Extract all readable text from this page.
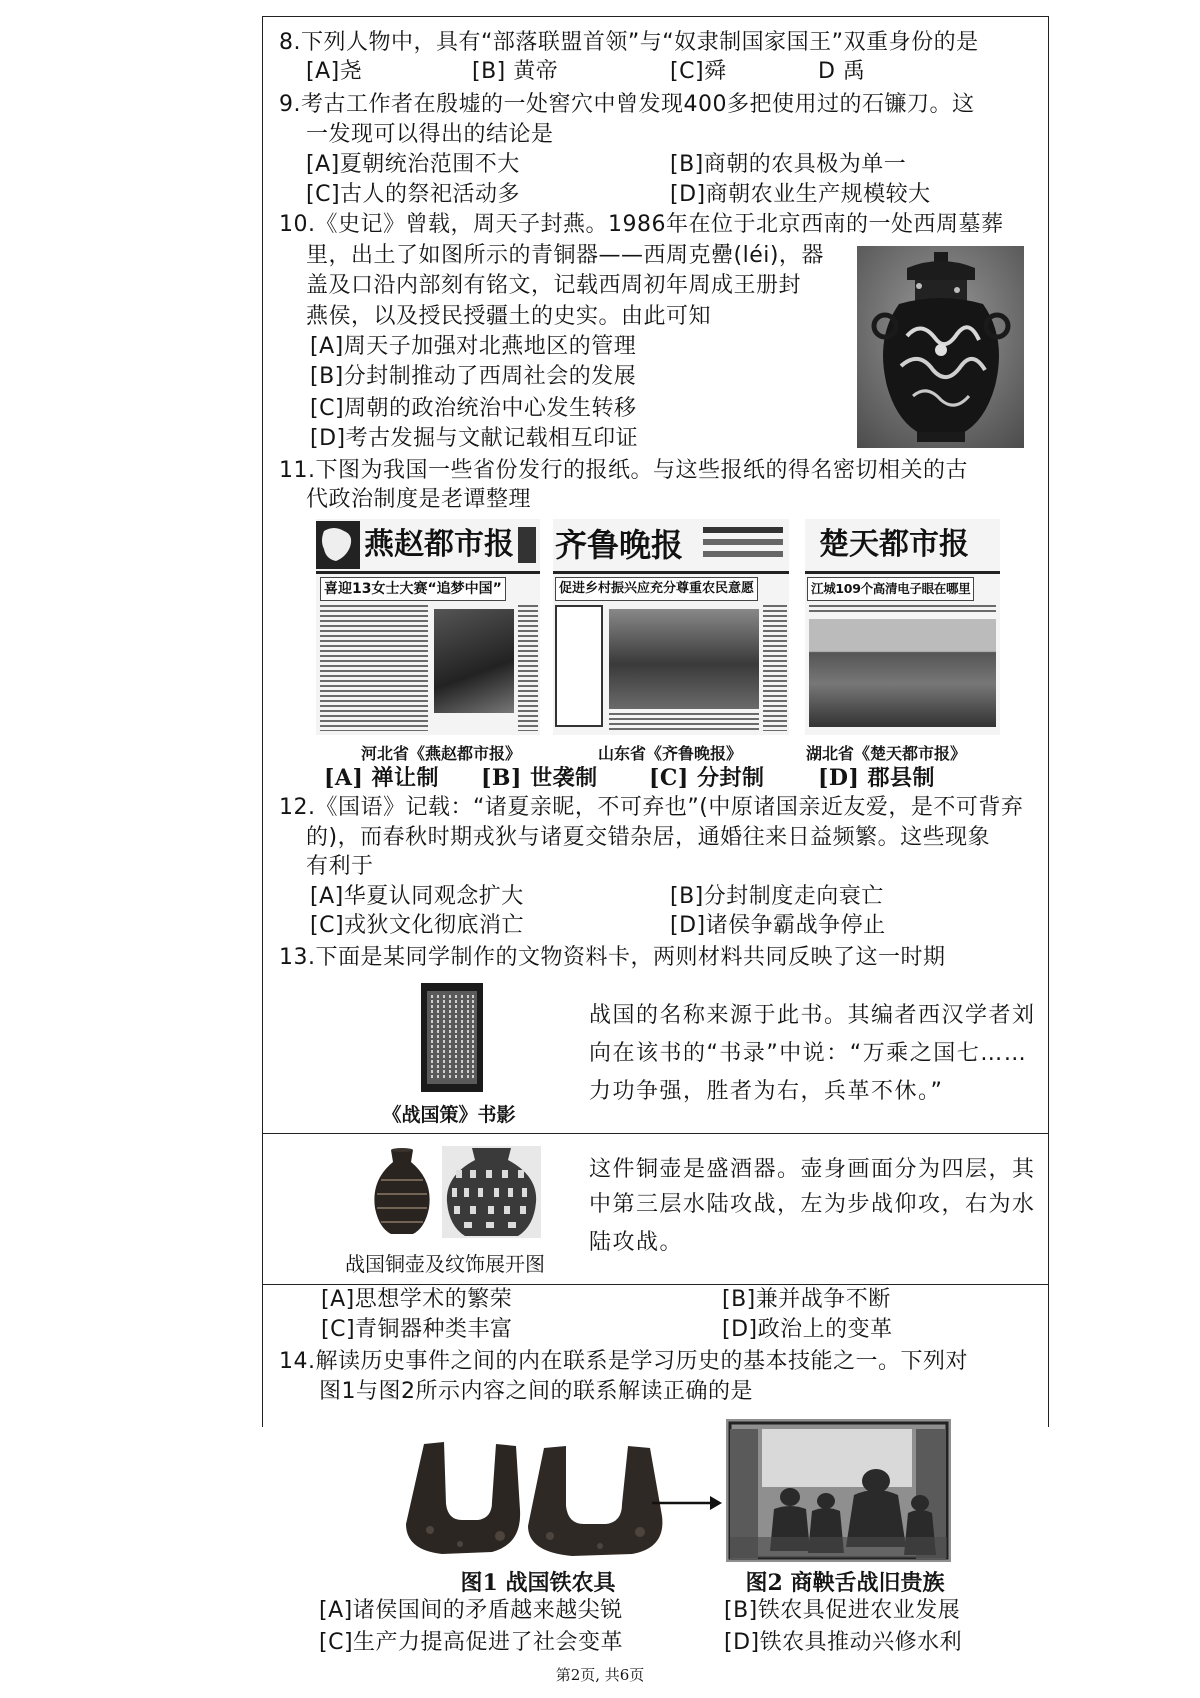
8.下列人物中，具有“部落联盟首领”与“奴隶制国家国王”双重身份的是
[A]尧	[B] 黄帝	[C]舜	D 禹
9.考古工作者在殷墟的一处窖穴中曾发现400多把使用过的石镰刀。这
一发现可以得出的结论是
[A]夏朝统治范围不大	[B]商朝的农具极为单一
[C]古人的祭祀活动多	[D]商朝农业生产规模较大
10.《史记》曾载，周天子封燕。1986年在位于北京西南的一处西周墓葬
里，出土了如图所示的青铜器——西周克罍(léi)，器
盖及口沿内部刻有铭文，记载西周初年周成王册封
燕侯，以及授民授疆土的史实。由此可知
[A]周天子加强对北燕地区的管理
[B]分封制推动了西周社会的发展
[C]周朝的政治统治中心发生转移
[D]考古发掘与文献记载相互印证
11.下图为我国一些省份发行的报纸。与这些报纸的得名密切相关的古
代政治制度是老谭整理
燕赵都市报
喜迎13女士大赛“追梦中国”
齐鲁晚报
促进乡村振兴应充分尊重农民意愿
楚天都市报
江城109个高清电子眼在哪里
河北省《燕赵都市报》	山东省《齐鲁晚报》	湖北省《楚天都市报》
[A] 禅让制 [B] 世袭制 [C] 分封制 [D] 郡县制
12.《国语》记载：“诸夏亲昵，不可弃也”(中原诸国亲近友爱，是不可背弃
的)，而春秋时期戎狄与诸夏交错杂居，通婚往来日益频繁。这些现象
有利于
[A]华夏认同观念扩大	[B]分封制度走向衰亡
[C]戎狄文化彻底消亡	[D]诸侯争霸战争停止
13.下面是某同学制作的文物资料卡，两则材料共同反映了这一时期
《战国策》书影
战国的名称来源于此书。其编者西汉学者刘
向在该书的“书录”中说：“万乘之国七……
力功争强，胜者为右，兵革不休。”
战国铜壶及纹饰展开图
这件铜壶是盛酒器。壶身画面分为四层，其
中第三层水陆攻战，左为步战仰攻，右为水
陆攻战。
[A]思想学术的繁荣	[B]兼并战争不断
[C]青铜器种类丰富	[D]政治上的变革
14.解读历史事件之间的内在联系是学习历史的基本技能之一。下列对
图1与图2所示内容之间的联系解读正确的是
图1 战国铁农具	图2 商鞅舌战旧贵族
[A]诸侯国间的矛盾越来越尖锐	[B]铁农具促进农业发展
[C]生产力提高促进了社会变革	[D]铁农具推动兴修水利
第2页, 共6页
